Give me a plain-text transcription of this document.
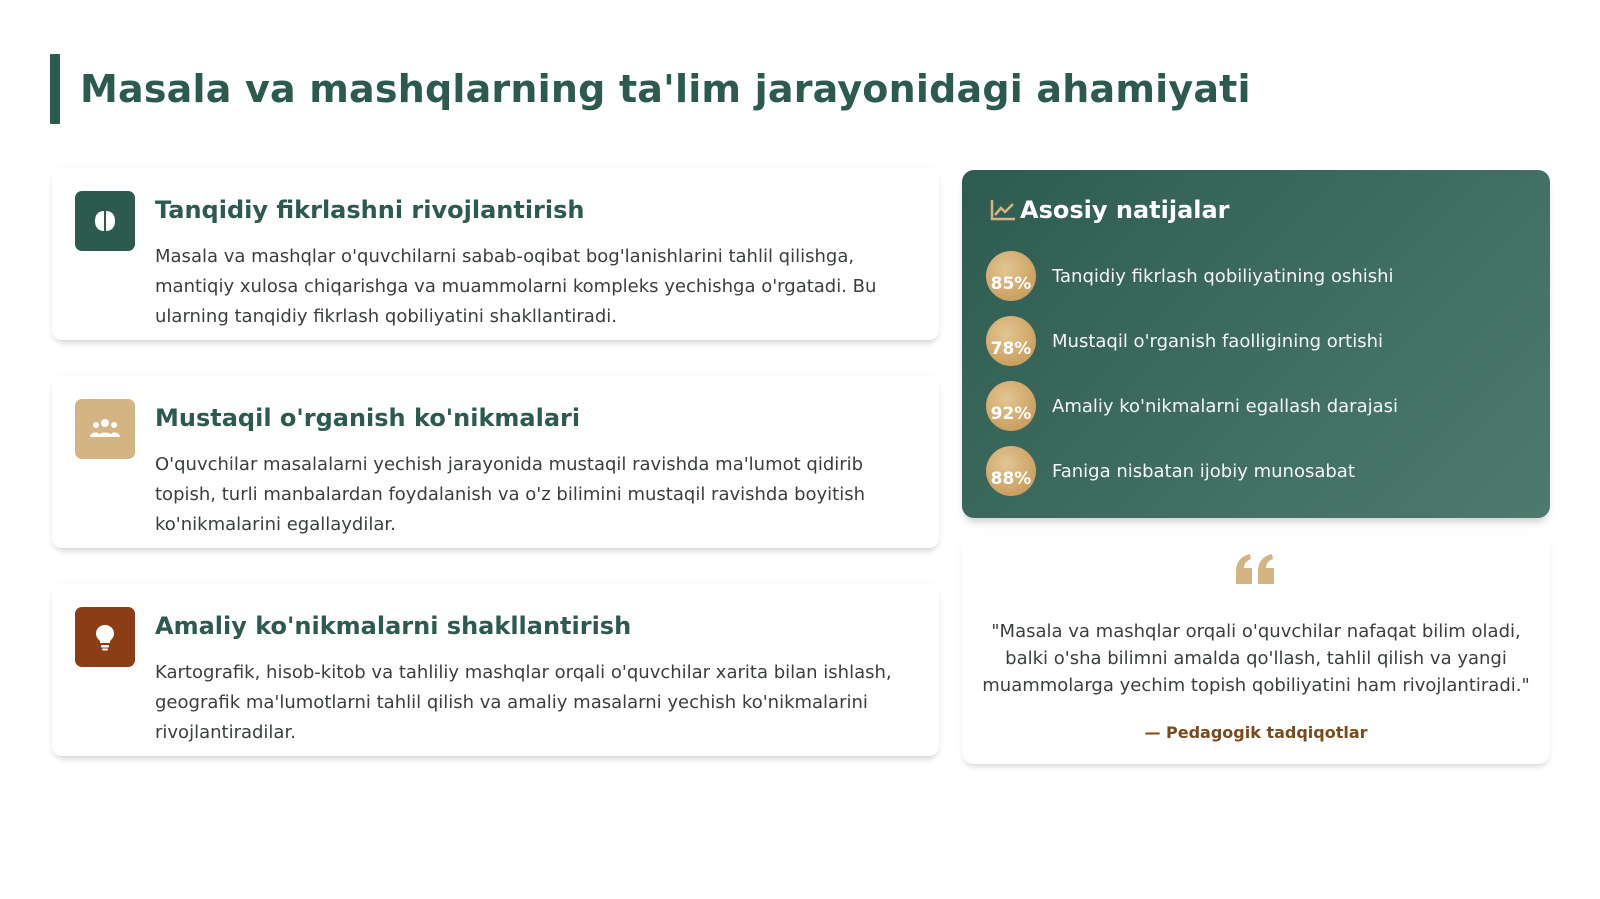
Masala va mashqlarning ta'lim jarayonidagi ahamiyati
Tanqidiy fikrlashni rivojlantirish
Masala va mashqlar o'quvchilarni sabab-oqibat bog'lanishlarini tahlil qilishga, mantiqiy xulosa chiqarishga va muammolarni kompleks yechishga o'rgatadi. Bu ularning tanqidiy fikrlash qobiliyatini shakllantiradi.
Mustaqil o'rganish ko'nikmalari
O'quvchilar masalalarni yechish jarayonida mustaqil ravishda ma'lumot qidirib topish, turli manbalardan foydalanish va o'z bilimini mustaqil ravishda boyitish ko'nikmalarini egallaydilar.
Amaliy ko'nikmalarni shakllantirish
Kartografik, hisob-kitob va tahliliy mashqlar orqali o'quvchilar xarita bilan ishlash, geografik ma'lumotlarni tahlil qilish va amaliy masalarni yechish ko'nikmalarini rivojlantiradilar.
Asosiy natijalar
85% Tanqidiy fikrlash qobiliyatining oshishi
78% Mustaqil o'rganish faolligining ortishi
92% Amaliy ko'nikmalarni egallash darajasi
88% Faniga nisbatan ijobiy munosabat
"Masala va mashqlar orqali o'quvchilar nafaqat bilim oladi, balki o'sha bilimni amalda qo'llash, tahlil qilish va yangi muammolarga yechim topish qobiliyatini ham rivojlantiradi."
— Pedagogik tadqiqotlar
